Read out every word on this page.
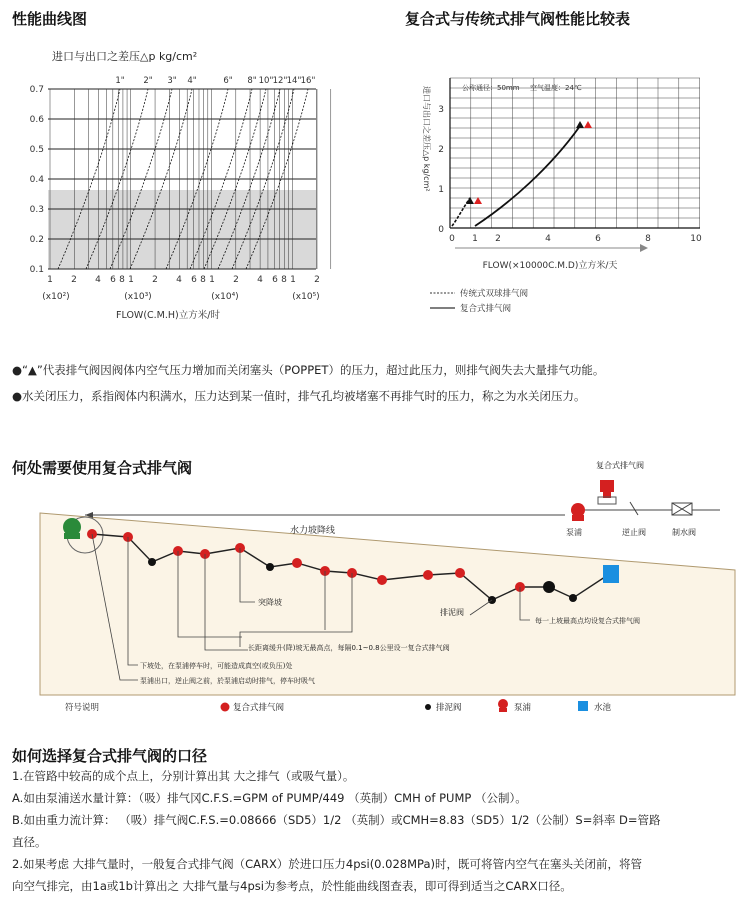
性能曲线图
进口与出口之差压△p kg/cm²
0.7
0.6
0.5
0.4
0.3
0.2
0.1
1" 2" 3" 4"	6" 8" 10" 12" 14" 16"
1 2 4 6 8 1 2 4 6 8 1 2 4 6 8 1 2
(x10²)	(x10³)	(x10⁴)	(x10⁵)
FLOW(C.M.H)立方米/时
复合式与传统式排气阀性能比较表
公称通径：50mm 空气温度：24℃
进口与出口之差压△p kg/cm²
0
1
2
3
0 1 2	4	6	8	10
FLOW(×10000C.M.D)立方米/天
传统式双球排气阀
复合式排气阀
●“▲”代表排气阀因阀体内空气压力增加而关闭塞头（POPPET）的压力，超过此压力，则排气阀失去大量排气功能。
●水关闭压力，系指阀体内积满水，压力达到某一值时，排气孔均被堵塞不再排气时的压力，称之为水关闭压力。
何处需要使用复合式排气阀
水力坡降线
复合式排气阀
泵浦	逆止阀	制水阀
突降坡
排泥阀
每一上坡最高点均设复合式排气阀
长距离缓升(降)坡无最高点，每隔0.1~0.8公里设一复合式排气阀
下坡处，在泵浦停车时，可能造成真空(或负压)处
泵浦出口，逆止阀之前，於泵浦启动时排气，停车时吸气
符号说明	复合式排气阀	排泥阀	泵浦	水池
如何选择复合式排气阀的口径
1.在管路中较高的成个点上，分别计算出其 大之排气（或吸气量）。
A.如由泵浦送水量计算：（吸）排气冈C.F.S.=GPM of PUMP/449 （英制）CMH of PUMP （公制）。
B.如由重力流计算： （吸）排气阀C.F.S.=0.08666（SD5）1/2 （英制）或CMH=8.83（SD5）1/2（公制）S=斜率 D=管路
直径。
2.如果考虑 大排气量时，一般复合式排气阀（CARX）於进口压力4psi(0.028MPa)时，既可将管内空气在塞头关闭前，将管
向空气排完，由1a或1b计算出之 大排气量与4psi为参考点，於性能曲线图查表，即可得到适当之CARX口径。
